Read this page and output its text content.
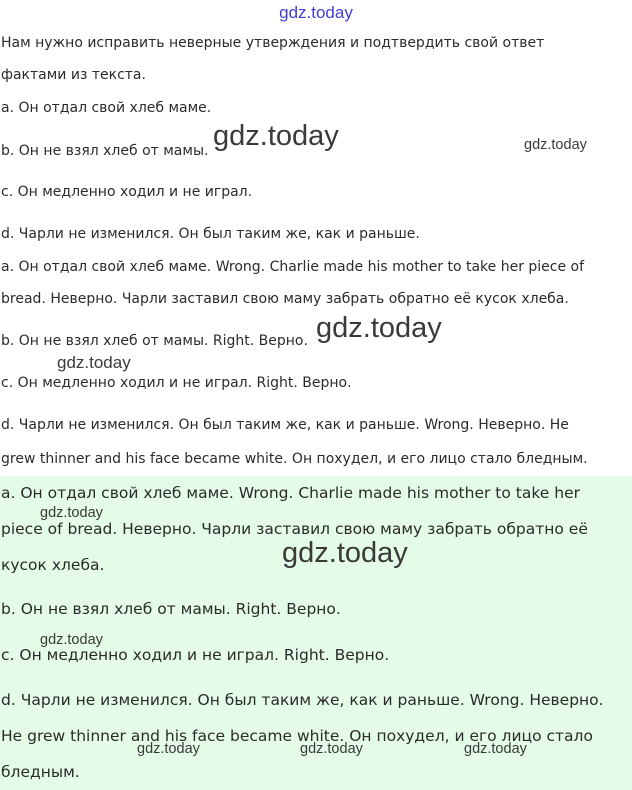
gdz.today
Нам нужно исправить неверные утверждения и подтвердить свой ответ
фактами из текста.
a. Он отдал свой хлеб маме.
b. Он не взял хлеб от мамы.
c. Он медленно ходил и не играл.
d. Чарли не изменился. Он был таким же, как и раньше.
a. Он отдал свой хлеб маме. Wrong. Charlie made his mother to take her piece of
bread. Неверно. Чарли заставил свою маму забрать обратно её кусок хлеба.
b. Он не взял хлеб от мамы. Right. Верно.
c. Он медленно ходил и не играл. Right. Верно.
d. Чарли не изменился. Он был таким же, как и раньше. Wrong. Неверно. He
grew thinner and his face became white. Он похудел, и его лицо стало бледным.
a. Он отдал свой хлеб маме. Wrong. Charlie made his mother to take her
piece of bread. Неверно. Чарли заставил свою маму забрать обратно её
кусок хлеба.
b. Он не взял хлеб от мамы. Right. Верно.
c. Он медленно ходил и не играл. Right. Верно.
d. Чарли не изменился. Он был таким же, как и раньше. Wrong. Неверно.
He grew thinner and his face became white. Он похудел, и его лицо стало
бледным.
gdz.today	gdz.today
gdz.today
gdz.today
gdz.today
gdz.today
gdz.today
gdz.today	gdz.today	gdz.today
